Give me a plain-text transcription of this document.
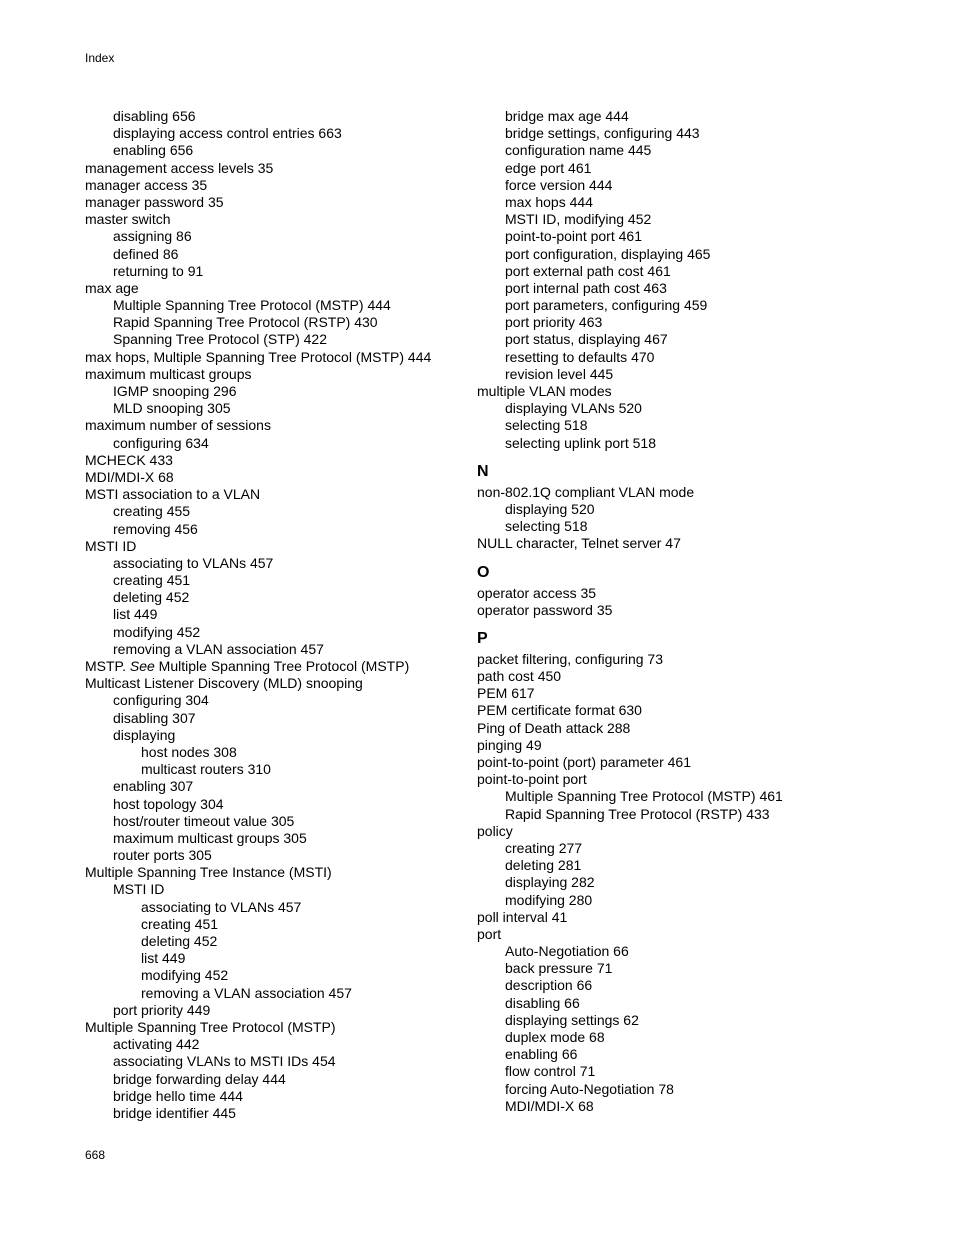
Index
disabling 656
displaying access control entries 663
enabling 656
management access levels 35
manager access 35
manager password 35
master switch
assigning 86
defined 86
returning to 91
max age
Multiple Spanning Tree Protocol (MSTP) 444
Rapid Spanning Tree Protocol (RSTP) 430
Spanning Tree Protocol (STP) 422
max hops, Multiple Spanning Tree Protocol (MSTP) 444
maximum multicast groups
IGMP snooping 296
MLD snooping 305
maximum number of sessions
configuring 634
MCHECK 433
MDI/MDI-X 68
MSTI association to a VLAN
creating 455
removing 456
MSTI ID
associating to VLANs 457
creating 451
deleting 452
list 449
modifying 452
removing a VLAN association 457
MSTP. See Multiple Spanning Tree Protocol (MSTP)
Multicast Listener Discovery (MLD) snooping
configuring 304
disabling 307
displaying
host nodes 308
multicast routers 310
enabling 307
host topology 304
host/router timeout value 305
maximum multicast groups 305
router ports 305
Multiple Spanning Tree Instance (MSTI)
MSTI ID
associating to VLANs 457
creating 451
deleting 452
list 449
modifying 452
removing a VLAN association 457
port priority 449
Multiple Spanning Tree Protocol (MSTP)
activating 442
associating VLANs to MSTI IDs 454
bridge forwarding delay 444
bridge hello time 444
bridge identifier 445
bridge max age 444
bridge settings, configuring 443
configuration name 445
edge port 461
force version 444
max hops 444
MSTI ID, modifying 452
point-to-point port 461
port configuration, displaying 465
port external path cost 461
port internal path cost 463
port parameters, configuring 459
port priority 463
port status, displaying 467
resetting to defaults 470
revision level 445
multiple VLAN modes
displaying VLANs 520
selecting 518
selecting uplink port 518
N
non-802.1Q compliant VLAN mode
displaying 520
selecting 518
NULL character, Telnet server 47
O
operator access 35
operator password 35
P
packet filtering, configuring 73
path cost 450
PEM 617
PEM certificate format 630
Ping of Death attack 288
pinging 49
point-to-point (port) parameter 461
point-to-point port
Multiple Spanning Tree Protocol (MSTP) 461
Rapid Spanning Tree Protocol (RSTP) 433
policy
creating 277
deleting 281
displaying 282
modifying 280
poll interval 41
port
Auto-Negotiation 66
back pressure 71
description 66
disabling 66
displaying settings 62
duplex mode 68
enabling 66
flow control 71
forcing Auto-Negotiation 78
MDI/MDI-X 68
668
